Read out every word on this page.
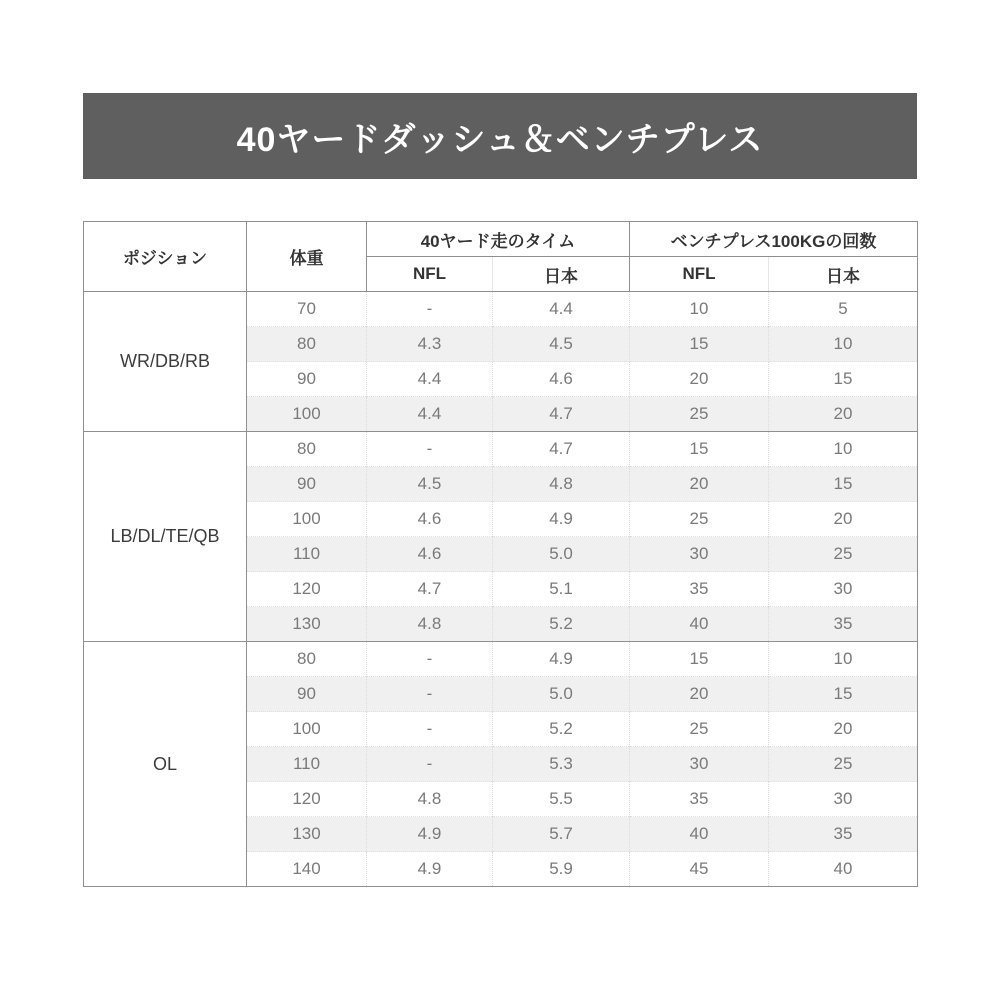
40ヤードダッシュ＆ベンチプレス
ポジション	体重	40ヤード走のタイム		ベンチプレス100KGの回数	
		NFL	日本	NFL	日本
WR/DB/RB	70	-	4.4	10	5
	80	4.3	4.5	15	10
	90	4.4	4.6	20	15
	100	4.4	4.7	25	20
LB/DL/TE/QB	80	-	4.7	15	10
	90	4.5	4.8	20	15
	100	4.6	4.9	25	20
	110	4.6	5.0	30	25
	120	4.7	5.1	35	30
	130	4.8	5.2	40	35
OL	80	-	4.9	15	10
	90	-	5.0	20	15
	100	-	5.2	25	20
	110	-	5.3	30	25
	120	4.8	5.5	35	30
	130	4.9	5.7	40	35
	140	4.9	5.9	45	40
